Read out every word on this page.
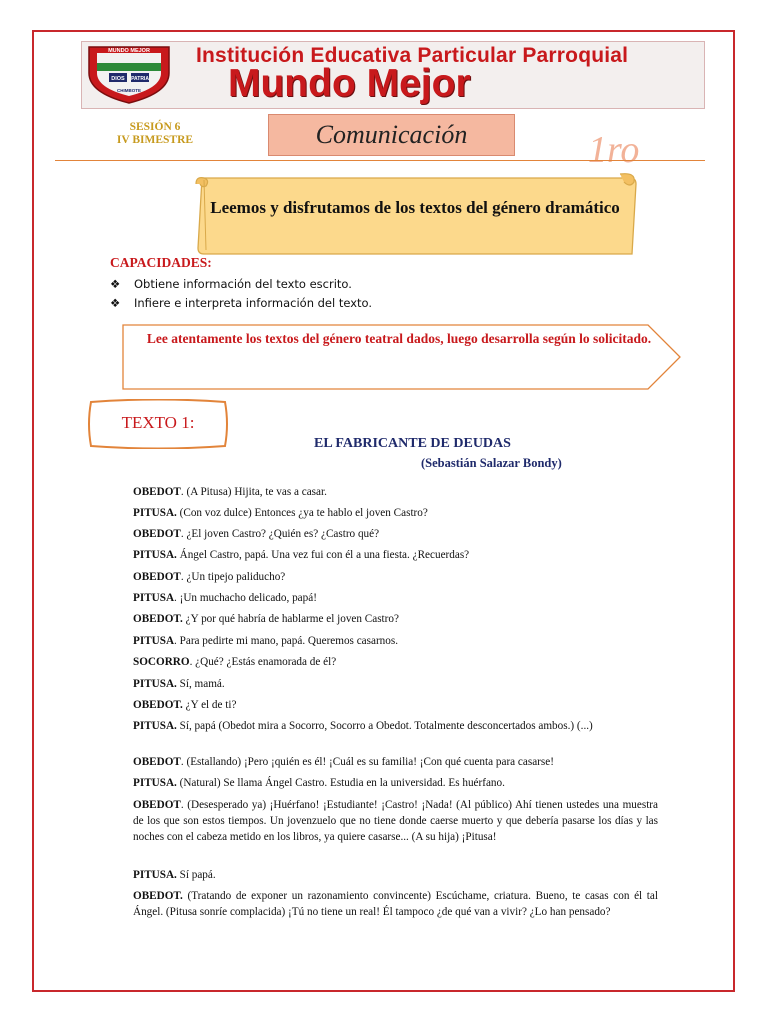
Institución Educativa Particular Parroquial
Mundo Mejor
MUNDO MEJOR
DIOS PATRIA
CHIMBOTE
SESIÓN 6
IV BIMESTRE	Comunicación	1ro
Leemos y disfrutamos de los textos del género dramático
CAPACIDADES:
❖ Obtiene información del texto escrito.
❖ Infiere e interpreta información del texto.
Lee atentamente los textos del género teatral dados, luego desarrolla según lo solicitado.
TEXTO 1:
EL FABRICANTE DE DEUDAS
(Sebastián Salazar Bondy)

OBEDOT. (A Pitusa) Hijita, te vas a casar.

PITUSA. (Con voz dulce) Entonces ¿ya te hablo el joven Castro?

OBEDOT. ¿El joven Castro? ¿Quién es? ¿Castro qué?

PITUSA. Ángel Castro, papá. Una vez fui con él a una fiesta. ¿Recuerdas?

OBEDOT. ¿Un tipejo paliducho?

PITUSA. ¡Un muchacho delicado, papá!

OBEDOT. ¿Y por qué habría de hablarme el joven Castro?

PITUSA. Para pedirte mi mano, papá. Queremos casarnos.

SOCORRO. ¿Qué? ¿Estás enamorada de él?

PITUSA. Sí, mamá.

OBEDOT. ¿Y el de ti?

PITUSA. Sí, papá (Obedot mira a Socorro, Socorro a Obedot. Totalmente desconcertados ambos.) (...)

OBEDOT. (Estallando) ¡Pero ¡quién es él! ¡Cuál es su familia! ¡Con qué cuenta para casarse!

PITUSA. (Natural) Se llama Ángel Castro. Estudia en la universidad. Es huérfano.

OBEDOT. (Desesperado ya) ¡Huérfano! ¡Estudiante! ¡Castro! ¡Nada! (Al público) Ahí tienen ustedes una muestra de los que son estos tiempos. Un jovenzuelo que no tiene donde caerse muerto y que debería pasarse los días y las noches con el cabeza metido en los libros, ya quiere casarse... (A su hija) ¡Pitusa!

PITUSA. Sí papá.

OBEDOT. (Tratando de exponer un razonamiento convincente) Escúchame, criatura. Bueno, te casas con él tal Ángel. (Pitusa sonríe complacida) ¡Tú no tiene un real! Él tampoco ¿de qué van a vivir? ¿Lo han pensado?
